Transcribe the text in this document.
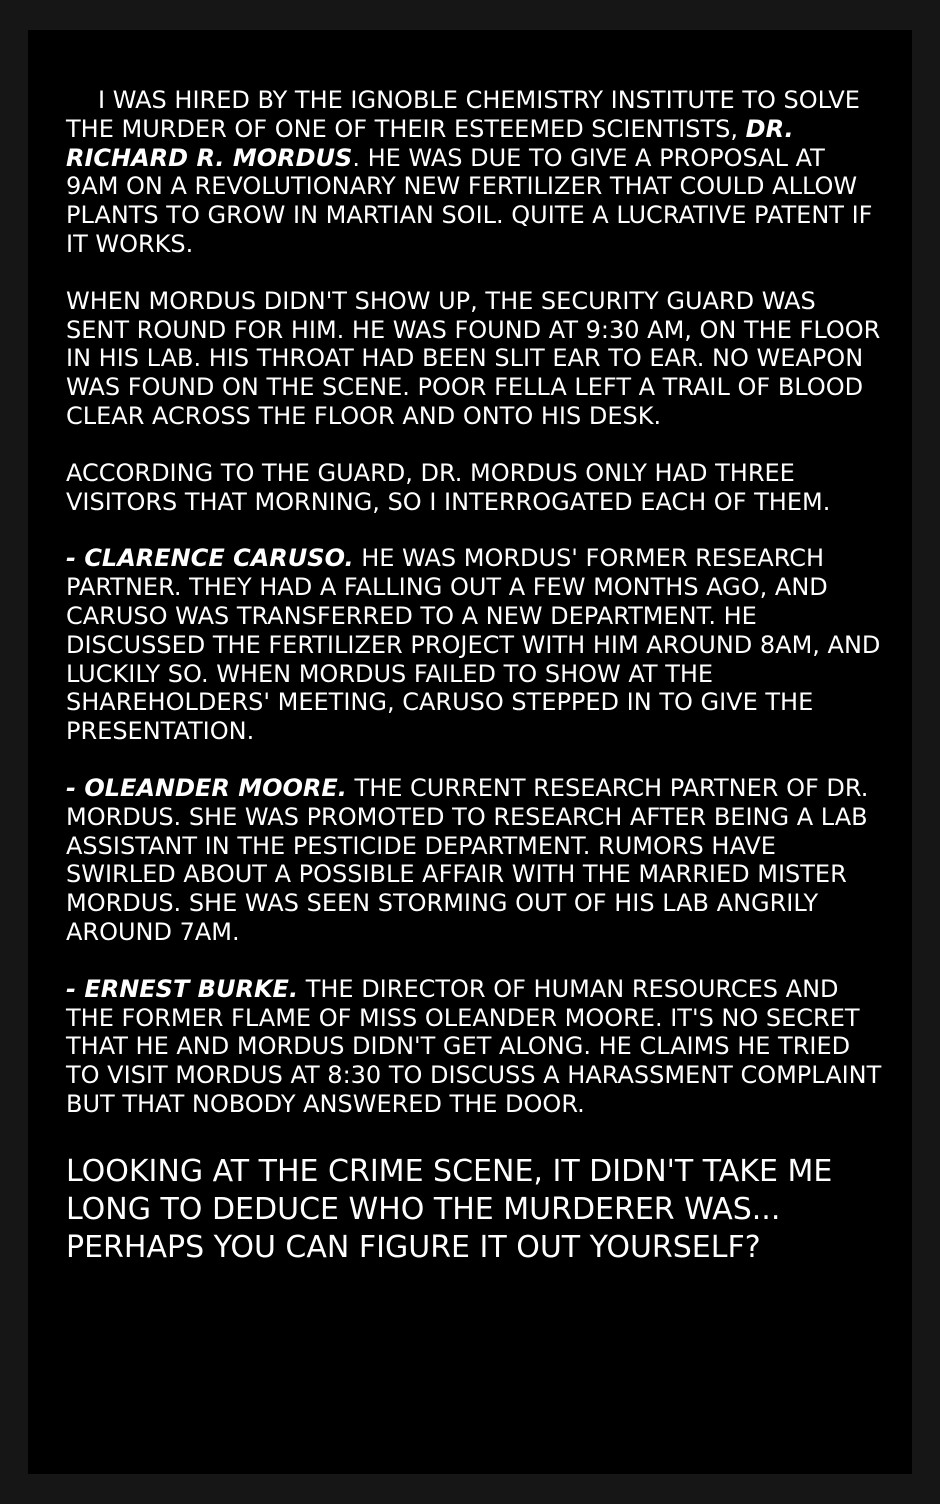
I WAS HIRED BY THE IGNOBLE CHEMISTRY INSTITUTE TO SOLVE THE MURDER OF ONE OF THEIR ESTEEMED SCIENTISTS, DR. RICHARD R. MORDUS. HE WAS DUE TO GIVE A PROPOSAL AT 9AM ON A REVOLUTIONARY NEW FERTILIZER THAT COULD ALLOW PLANTS TO GROW IN MARTIAN SOIL. QUITE A LUCRATIVE PATENT IF IT WORKS.

WHEN MORDUS DIDN'T SHOW UP, THE SECURITY GUARD WAS SENT ROUND FOR HIM. HE WAS FOUND AT 9:30 AM, ON THE FLOOR IN HIS LAB. HIS THROAT HAD BEEN SLIT EAR TO EAR. NO WEAPON WAS FOUND ON THE SCENE. POOR FELLA LEFT A TRAIL OF BLOOD CLEAR ACROSS THE FLOOR AND ONTO HIS DESK.

ACCORDING TO THE GUARD, DR. MORDUS ONLY HAD THREE VISITORS THAT MORNING, SO I INTERROGATED EACH OF THEM.

- CLARENCE CARUSO. HE WAS MORDUS' FORMER RESEARCH PARTNER. THEY HAD A FALLING OUT A FEW MONTHS AGO, AND CARUSO WAS TRANSFERRED TO A NEW DEPARTMENT. HE DISCUSSED THE FERTILIZER PROJECT WITH HIM AROUND 8AM, AND LUCKILY SO. WHEN MORDUS FAILED TO SHOW AT THE SHAREHOLDERS' MEETING, CARUSO STEPPED IN TO GIVE THE PRESENTATION.

- OLEANDER MOORE. THE CURRENT RESEARCH PARTNER OF DR. MORDUS. SHE WAS PROMOTED TO RESEARCH AFTER BEING A LAB ASSISTANT IN THE PESTICIDE DEPARTMENT. RUMORS HAVE SWIRLED ABOUT A POSSIBLE AFFAIR WITH THE MARRIED MISTER MORDUS. SHE WAS SEEN STORMING OUT OF HIS LAB ANGRILY AROUND 7AM.

- ERNEST BURKE. THE DIRECTOR OF HUMAN RESOURCES AND THE FORMER FLAME OF MISS OLEANDER MOORE. IT'S NO SECRET THAT HE AND MORDUS DIDN'T GET ALONG. HE CLAIMS HE TRIED TO VISIT MORDUS AT 8:30 TO DISCUSS A HARASSMENT COMPLAINT BUT THAT NOBODY ANSWERED THE DOOR.

LOOKING AT THE CRIME SCENE, IT DIDN'T TAKE ME LONG TO DEDUCE WHO THE MURDERER WAS... PERHAPS YOU CAN FIGURE IT OUT YOURSELF?
